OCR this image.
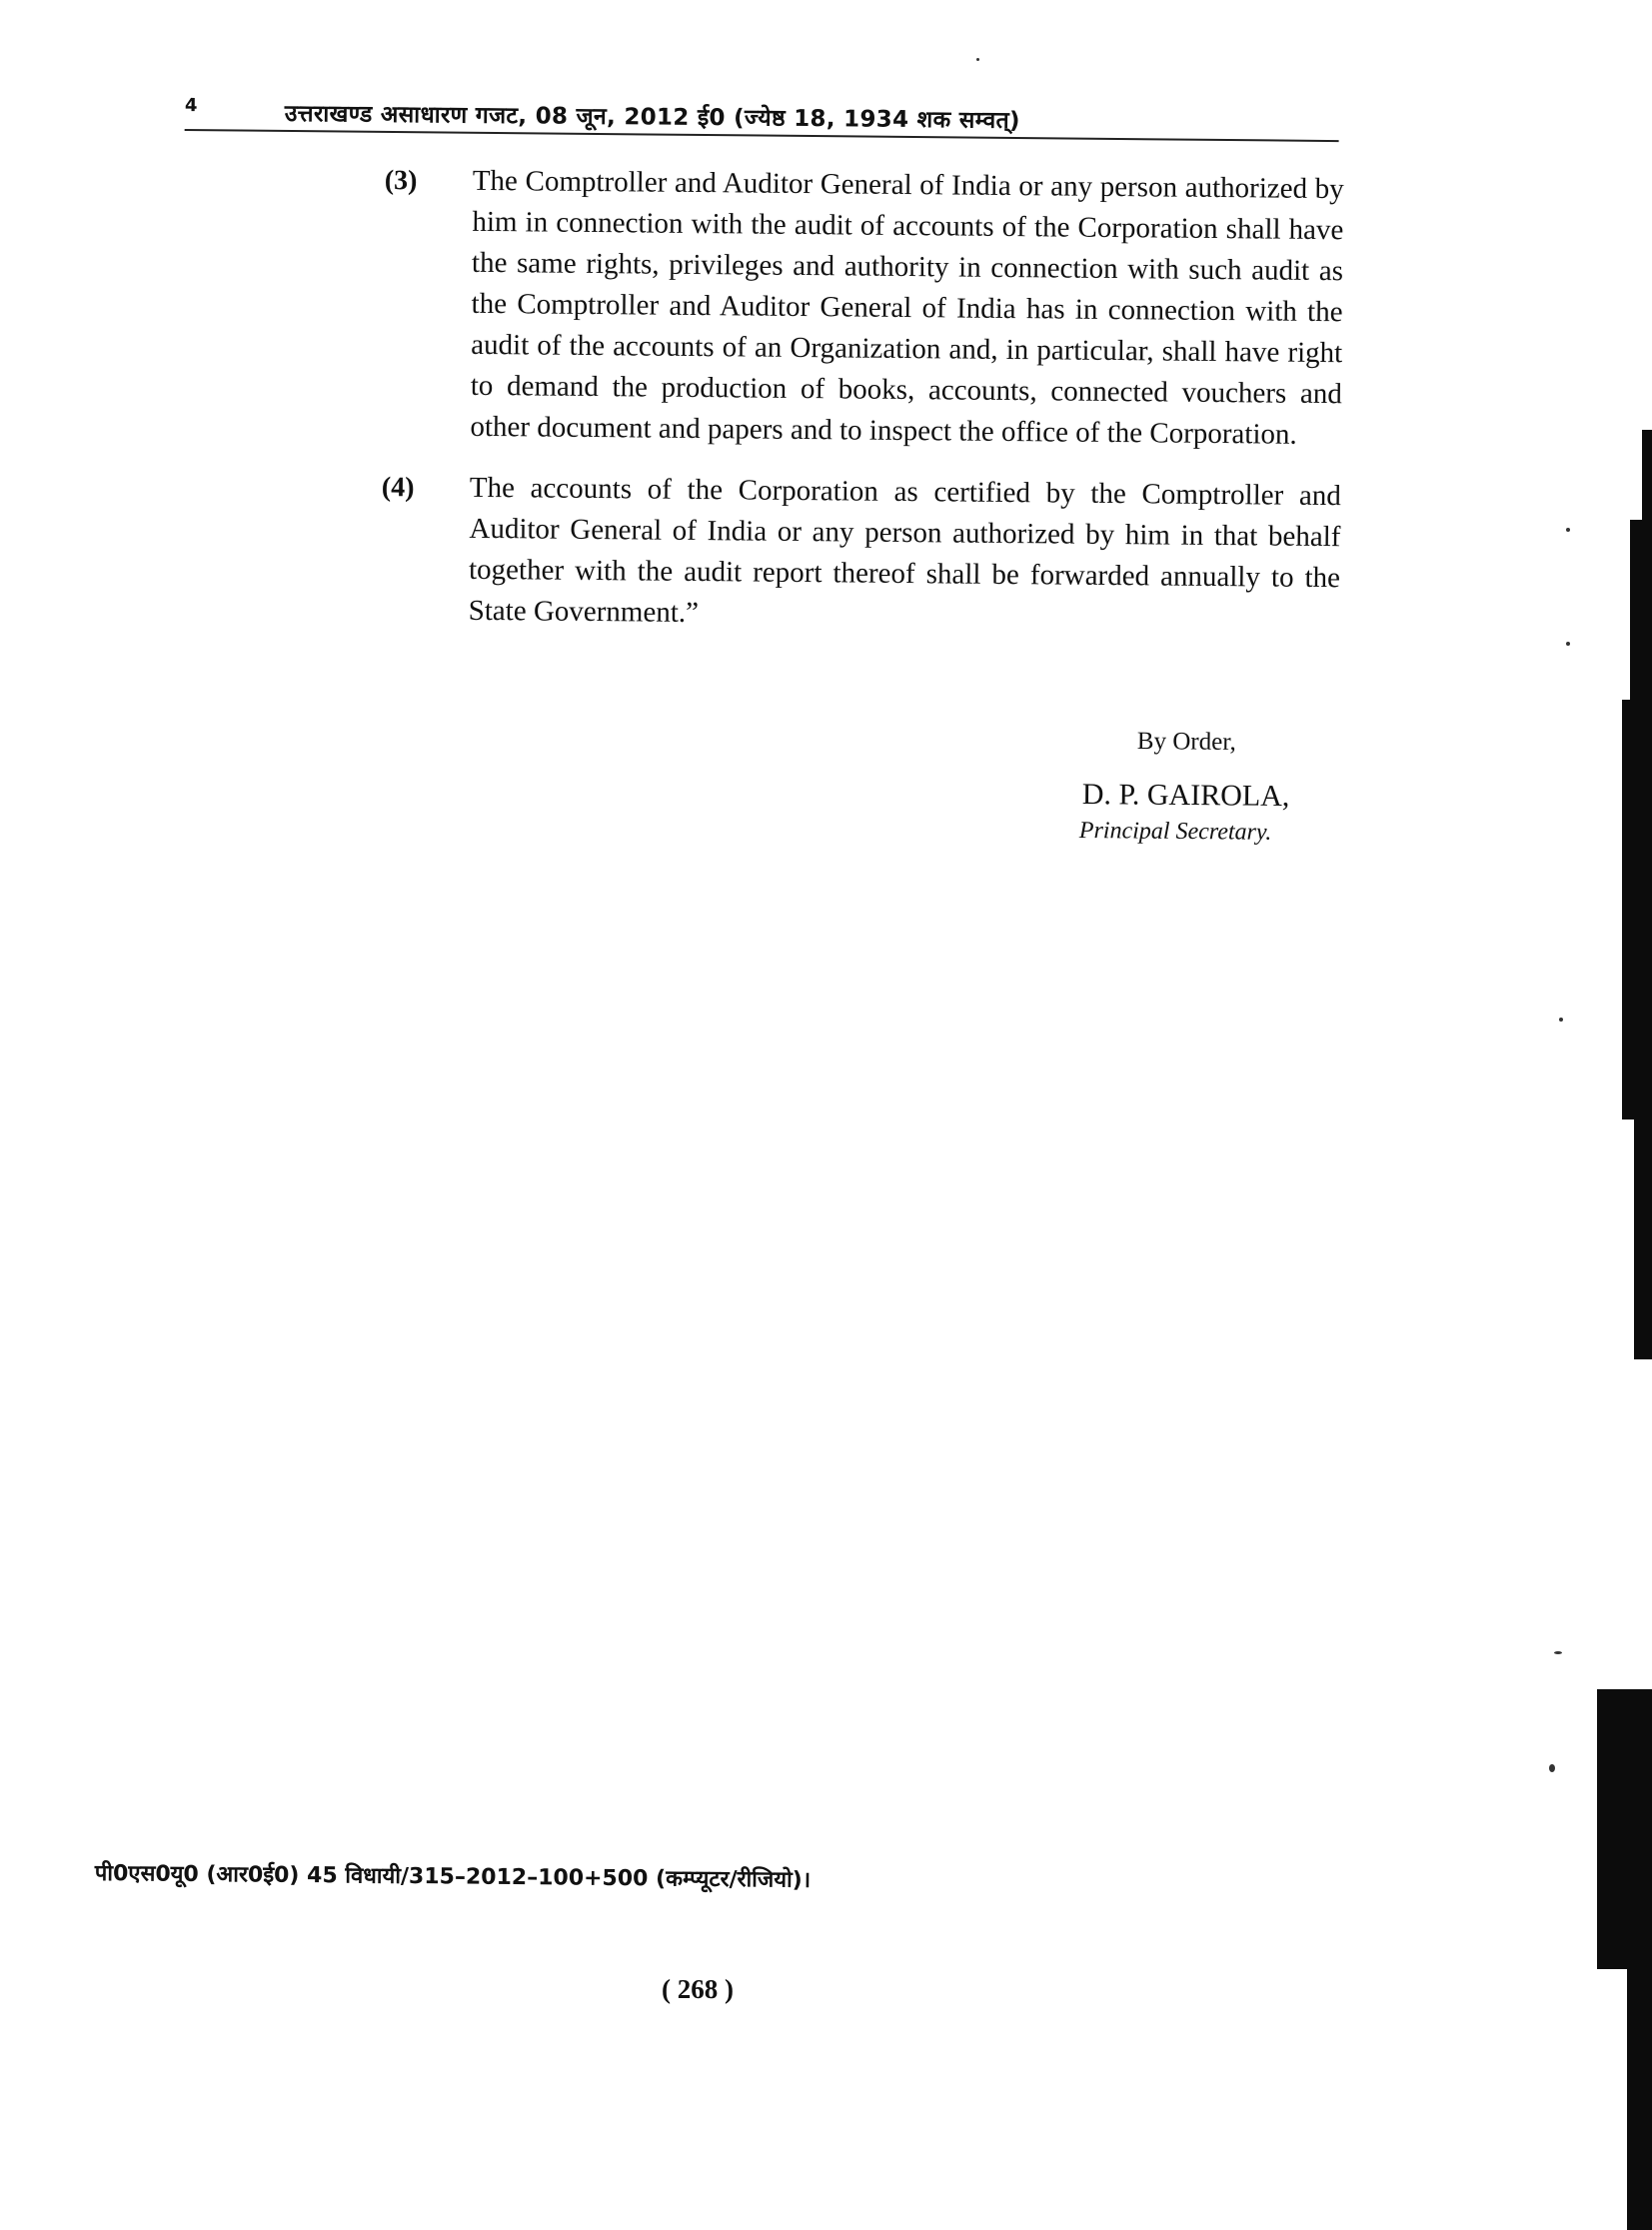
4	उत्तराखण्ड असाधारण गजट, 08 जून, 2012 ई0 (ज्येष्ठ 18, 1934 शक सम्वत्)
(3) The Comptroller and Auditor General of India or any person authorized by him in connection with the audit of accounts of the Corporation shall have the same rights, privileges and authority in connection with such audit as the Comptroller and Auditor General of India has in connection with the audit of the accounts of an Organization and, in particular, shall have right to demand the production of books, accounts, connected vouchers and other document and papers and to inspect the office of the Corporation.
(4) The accounts of the Corporation as certified by the Comptroller and Auditor General of India or any person authorized by him in that behalf together with the audit report thereof shall be forwarded annually to the State Government.”
By Order,
D. P. GAIROLA,
Principal Secretary.
पी0एस0यू0 (आर0ई0) 45 विधायी/315–2012–100+500 (कम्प्यूटर/रीजियो)।
( 268 )
